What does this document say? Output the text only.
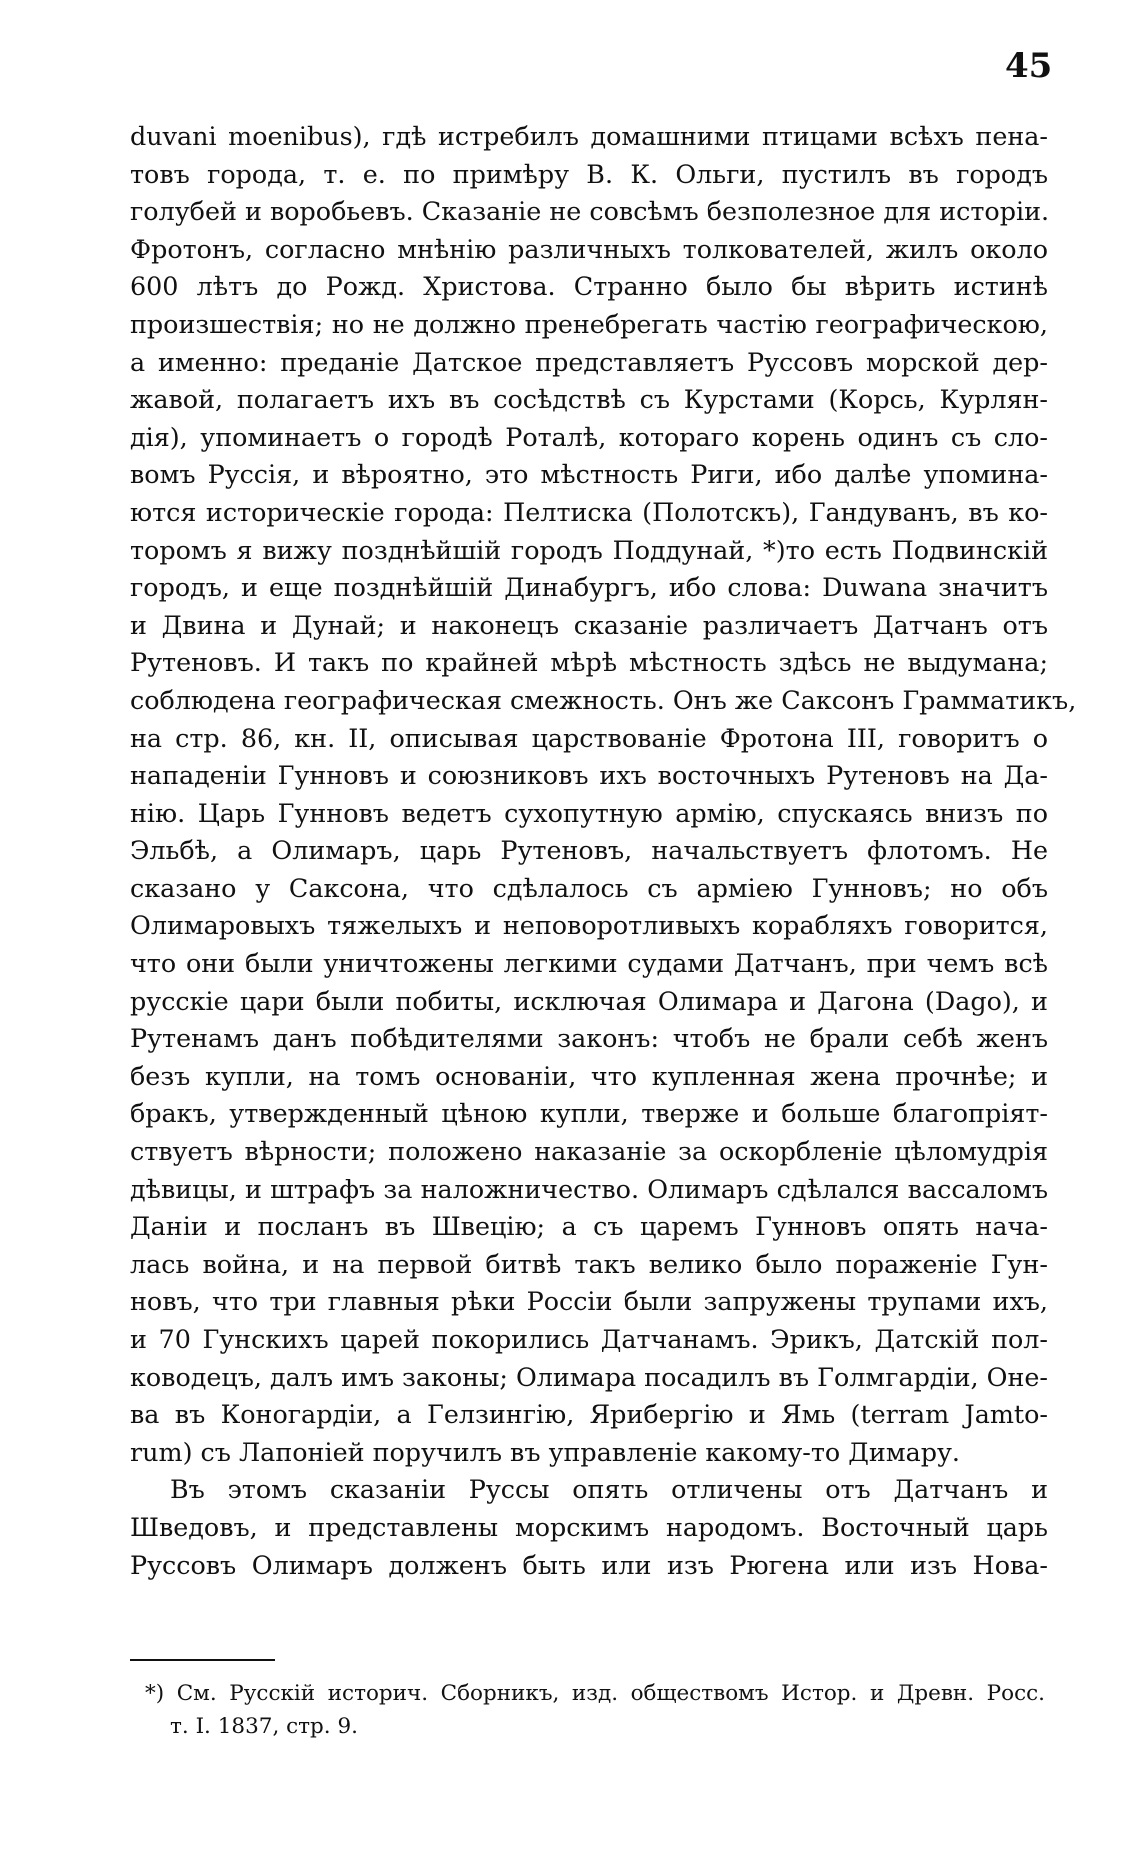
45
duvani moenibus), гдѣ истребилъ домашними птицами всѣхъ пена-
товъ города, т. е. по примѣру В. К. Ольги, пустилъ въ городъ
голубей и воробьевъ. Сказаніе не совсѣмъ безполезное для исторіи.
Фротонъ, согласно мнѣнію различныхъ толкователей, жилъ около
600 лѣтъ до Рожд. Христова. Странно было бы вѣрить истинѣ
произшествія; но не должно пренебрегать частію географическою,
а именно: преданіе Датское представляетъ Руссовъ морской дер-
жавой, полагаетъ ихъ въ сосѣдствѣ съ Курстами (Корсь, Курлян-
дія), упоминаетъ о городѣ Роталѣ, котораго корень одинъ съ сло-
вомъ Руссія, и вѣроятно, это мѣстность Риги, ибо далѣе упомина-
ются историческіе города: Пелтиска (Полотскъ), Гандуванъ, въ ко-
торомъ я вижу позднѣйшій городъ Поддунай, *)то есть Подвинскій
городъ, и еще позднѣйшій Динабургъ, ибо слова: Duwana значитъ
и Двина и Дунай; и наконецъ сказаніе различаетъ Датчанъ отъ
Рутеновъ. И такъ по крайней мѣрѣ мѣстность здѣсь не выдумана;
соблюдена географическая смежность. Онъ же Саксонъ Грамматикъ,
на стр. 86, кн. II, описывая царствованіе Фротона III, говоритъ о
нападеніи Гунновъ и союзниковъ ихъ восточныхъ Рутеновъ на Да-
нію. Царь Гунновъ ведетъ сухопутную армію, спускаясь внизъ по
Эльбѣ, а Олимаръ, царь Рутеновъ, начальствуетъ флотомъ. Не
сказано у Саксона, что сдѣлалось съ арміею Гунновъ; но объ
Олимаровыхъ тяжелыхъ и неповоротливыхъ корабляхъ говорится,
что они были уничтожены легкими судами Датчанъ, при чемъ всѣ
русскіе цари были побиты, исключая Олимара и Дагона (Dago), и
Рутенамъ данъ побѣдителями законъ: чтобъ не брали себѣ женъ
безъ купли, на томъ основаніи, что купленная жена прочнѣе; и
бракъ, утвержденный цѣною купли, тверже и больше благопріят-
ствуетъ вѣрности; положено наказаніе за оскорбленіе цѣломудрія
дѣвицы, и штрафъ за наложничество. Олимаръ сдѣлался вассаломъ
Даніи и посланъ въ Швецію; а съ царемъ Гунновъ опять нача-
лась война, и на первой битвѣ такъ велико было пораженіе Гун-
новъ, что три главныя рѣки Россіи были запружены трупами ихъ,
и 70 Гунскихъ царей покорились Датчанамъ. Эрикъ, Датскій пол-
ководецъ, далъ имъ законы; Олимара посадилъ въ Голмгардіи, Оне-
ва въ Коногардіи, а Гелзингію, Ярибергію и Ямь (terram Jamto-
rum) съ Лапоніей поручилъ въ управленіе какому-то Димару.
Въ этомъ сказаніи Руссы опять отличены отъ Датчанъ и
Шведовъ, и представлены морскимъ народомъ. Восточный царь
Руссовъ Олимаръ долженъ быть или изъ Рюгена или изъ Нова-
*) См. Русскій историч. Сборникъ, изд. обществомъ Истор. и Древн. Росс.
т. I. 1837, стр. 9.
